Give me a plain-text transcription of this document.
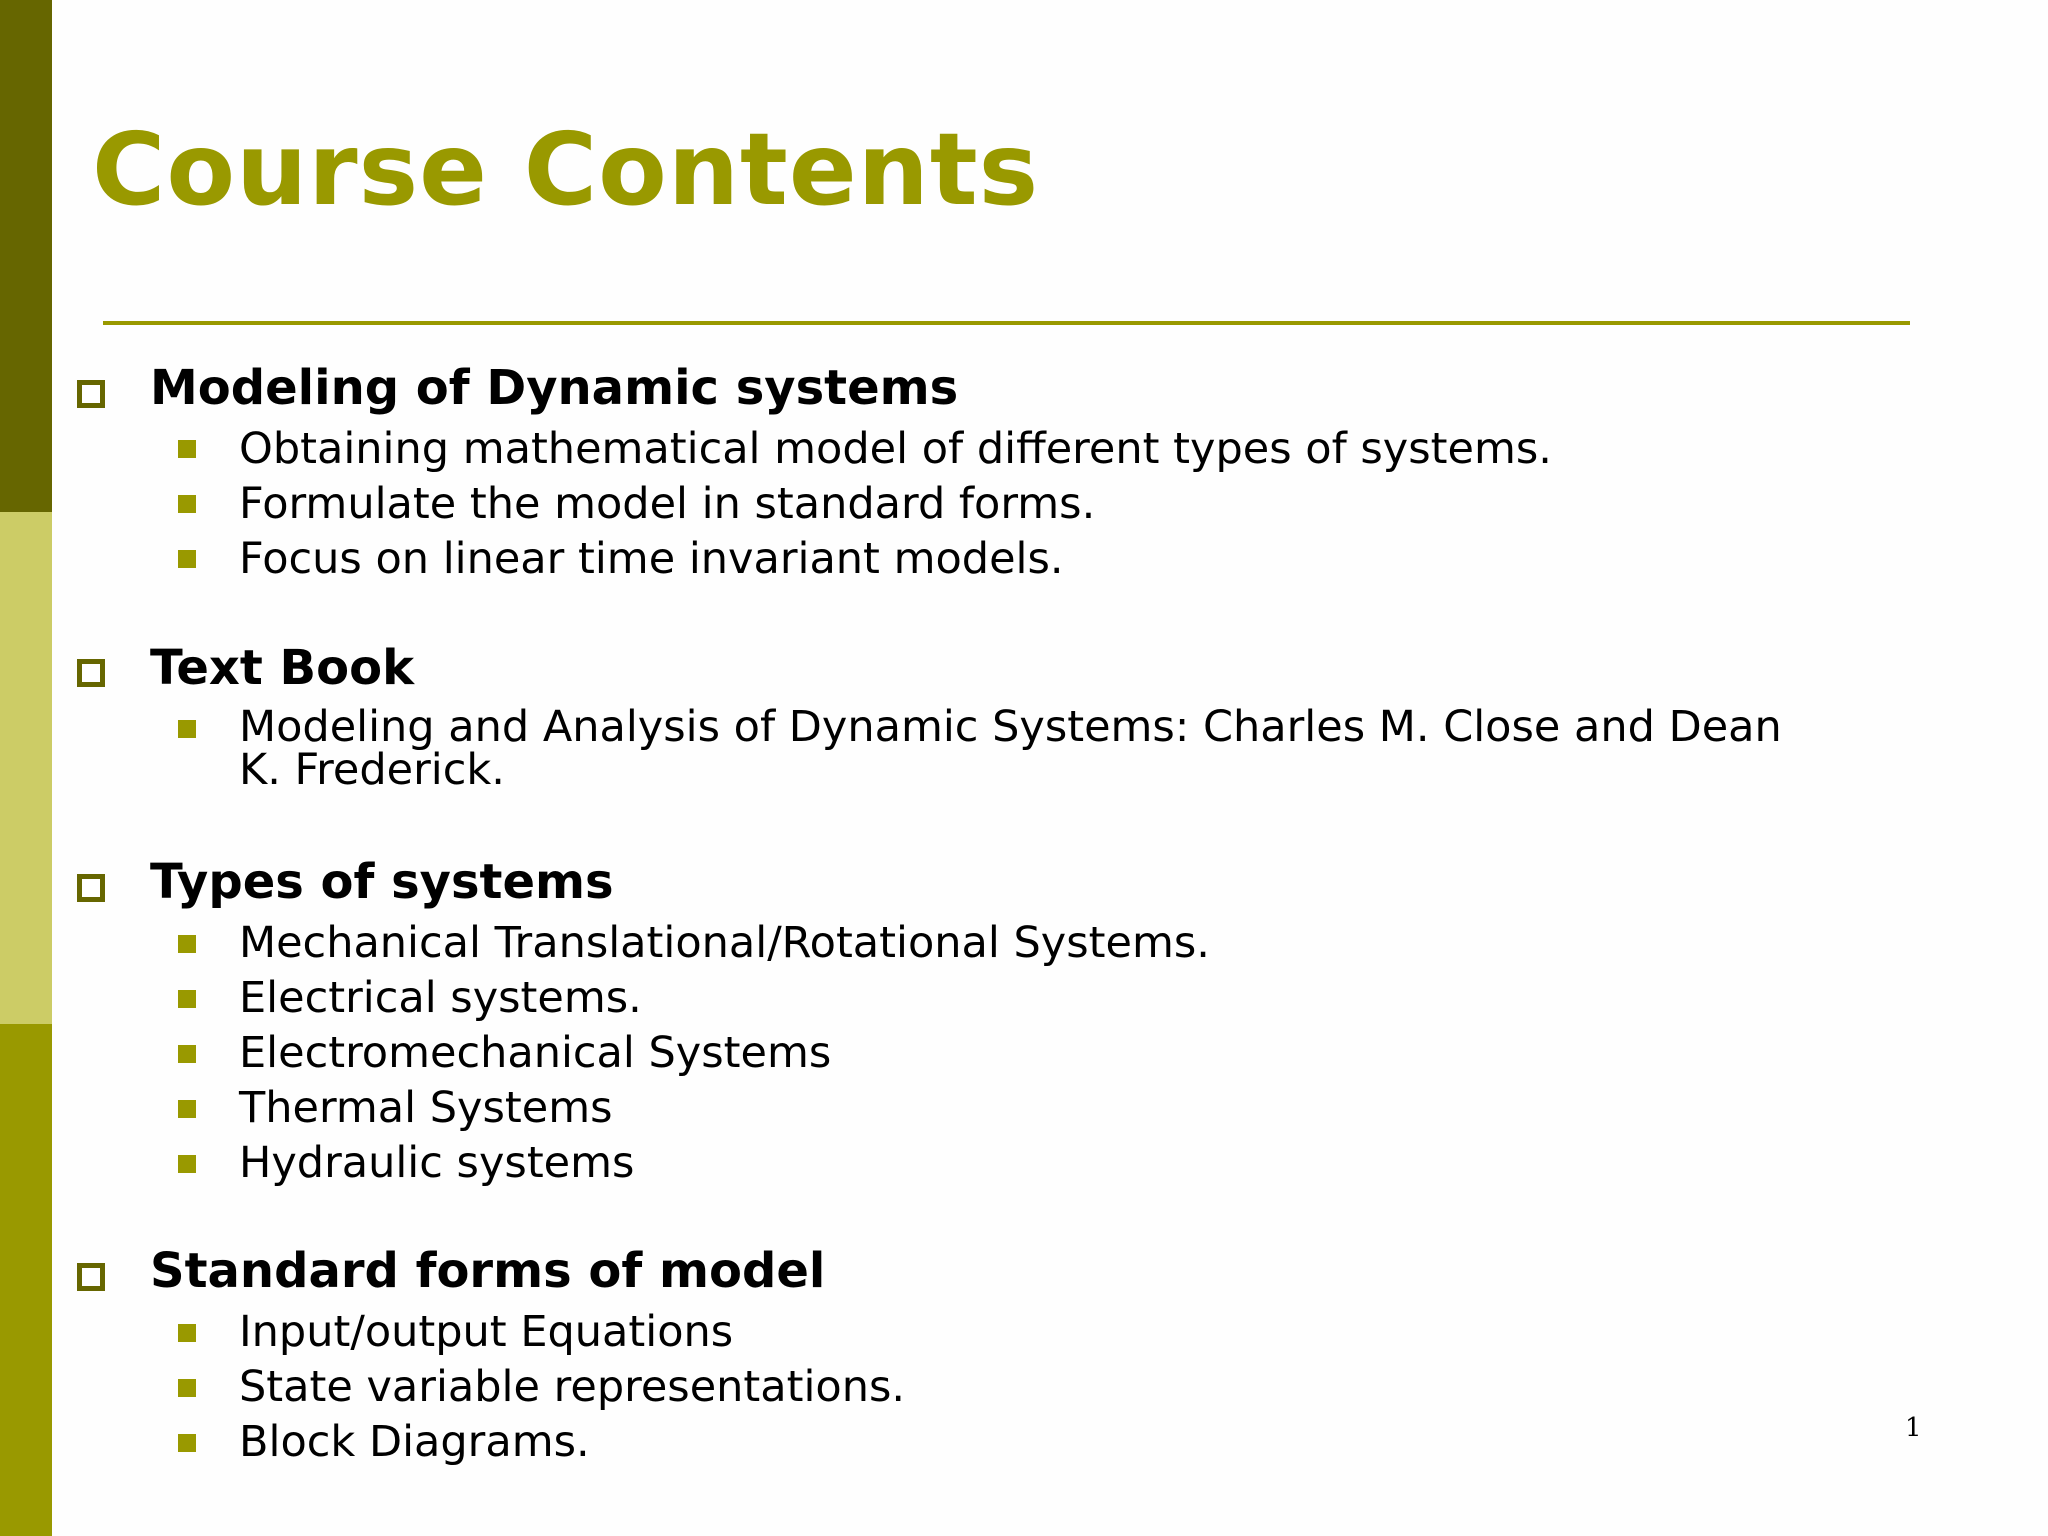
Course Contents
Modeling of Dynamic systems
Obtaining mathematical model of different types of systems.
Formulate the model in standard forms.
Focus on linear time invariant models.
Text Book
Modeling and Analysis of Dynamic Systems: Charles M. Close and Dean
K. Frederick.
Types of systems
Mechanical Translational/Rotational Systems.
Electrical systems.
Electromechanical Systems
Thermal Systems
Hydraulic systems
Standard forms of model
Input/output Equations
State variable representations.
Block Diagrams.	1
